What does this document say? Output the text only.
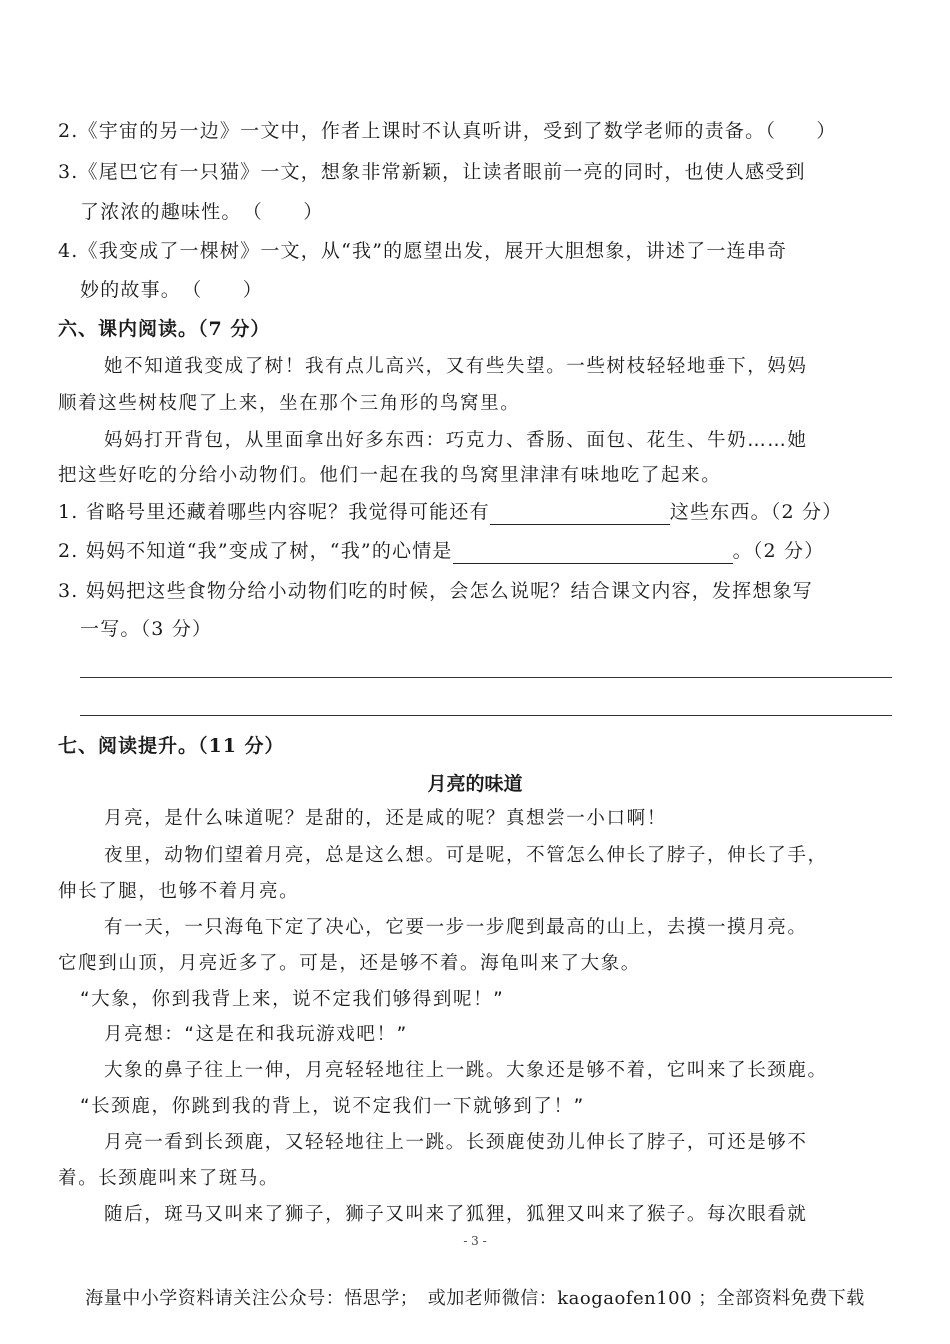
2.《宇宙的另一边》一文中，作者上课时不认真听讲，受到了数学老师的责备。（　　）
3.《尾巴它有一只猫》一文，想象非常新颖，让读者眼前一亮的同时，也使人感受到
了浓浓的趣味性。　（　　）
4.《我变成了一棵树》一文，从“我”的愿望出发，展开大胆想象，讲述了一连串奇
妙的故事。　（　　）
六、课内阅读。（7 分）
她不知道我变成了树！我有点儿高兴，又有些失望。一些树枝轻轻地垂下，妈妈
顺着这些树枝爬了上来，坐在那个三角形的鸟窝里。
妈妈打开背包，从里面拿出好多东西：巧克力、香肠、面包、花生、牛奶……她
把这些好吃的分给小动物们。他们一起在我的鸟窝里津津有味地吃了起来。
1. 省略号里还藏着哪些内容呢？我觉得可能还有	这些东西。（2 分）
2. 妈妈不知道“我”变成了树，“我”的心情是	。（2 分）
3. 妈妈把这些食物分给小动物们吃的时候，会怎么说呢？结合课文内容，发挥想象写
一写。（3 分）
七、阅读提升。（11 分）
月亮的味道
月亮，是什么味道呢？是甜的，还是咸的呢？真想尝一小口啊！
夜里，动物们望着月亮，总是这么想。可是呢，不管怎么伸长了脖子，伸长了手，
伸长了腿，也够不着月亮。
有一天，一只海龟下定了决心，它要一步一步爬到最高的山上，去摸一摸月亮。
它爬到山顶，月亮近多了。可是，还是够不着。海龟叫来了大象。
“大象，你到我背上来，说不定我们够得到呢！”
月亮想：“这是在和我玩游戏吧！”
大象的鼻子往上一伸，月亮轻轻地往上一跳。大象还是够不着，它叫来了长颈鹿。
“长颈鹿，你跳到我的背上，说不定我们一下就够到了！”
月亮一看到长颈鹿，又轻轻地往上一跳。长颈鹿使劲儿伸长了脖子，可还是够不
着。长颈鹿叫来了斑马。
随后，斑马又叫来了狮子，狮子又叫来了狐狸，狐狸又叫来了猴子。每次眼看就
- 3 -
海量中小学资料请关注公众号：悟思学；　或加老师微信：kaogaofen100 ；全部资料免费下载
